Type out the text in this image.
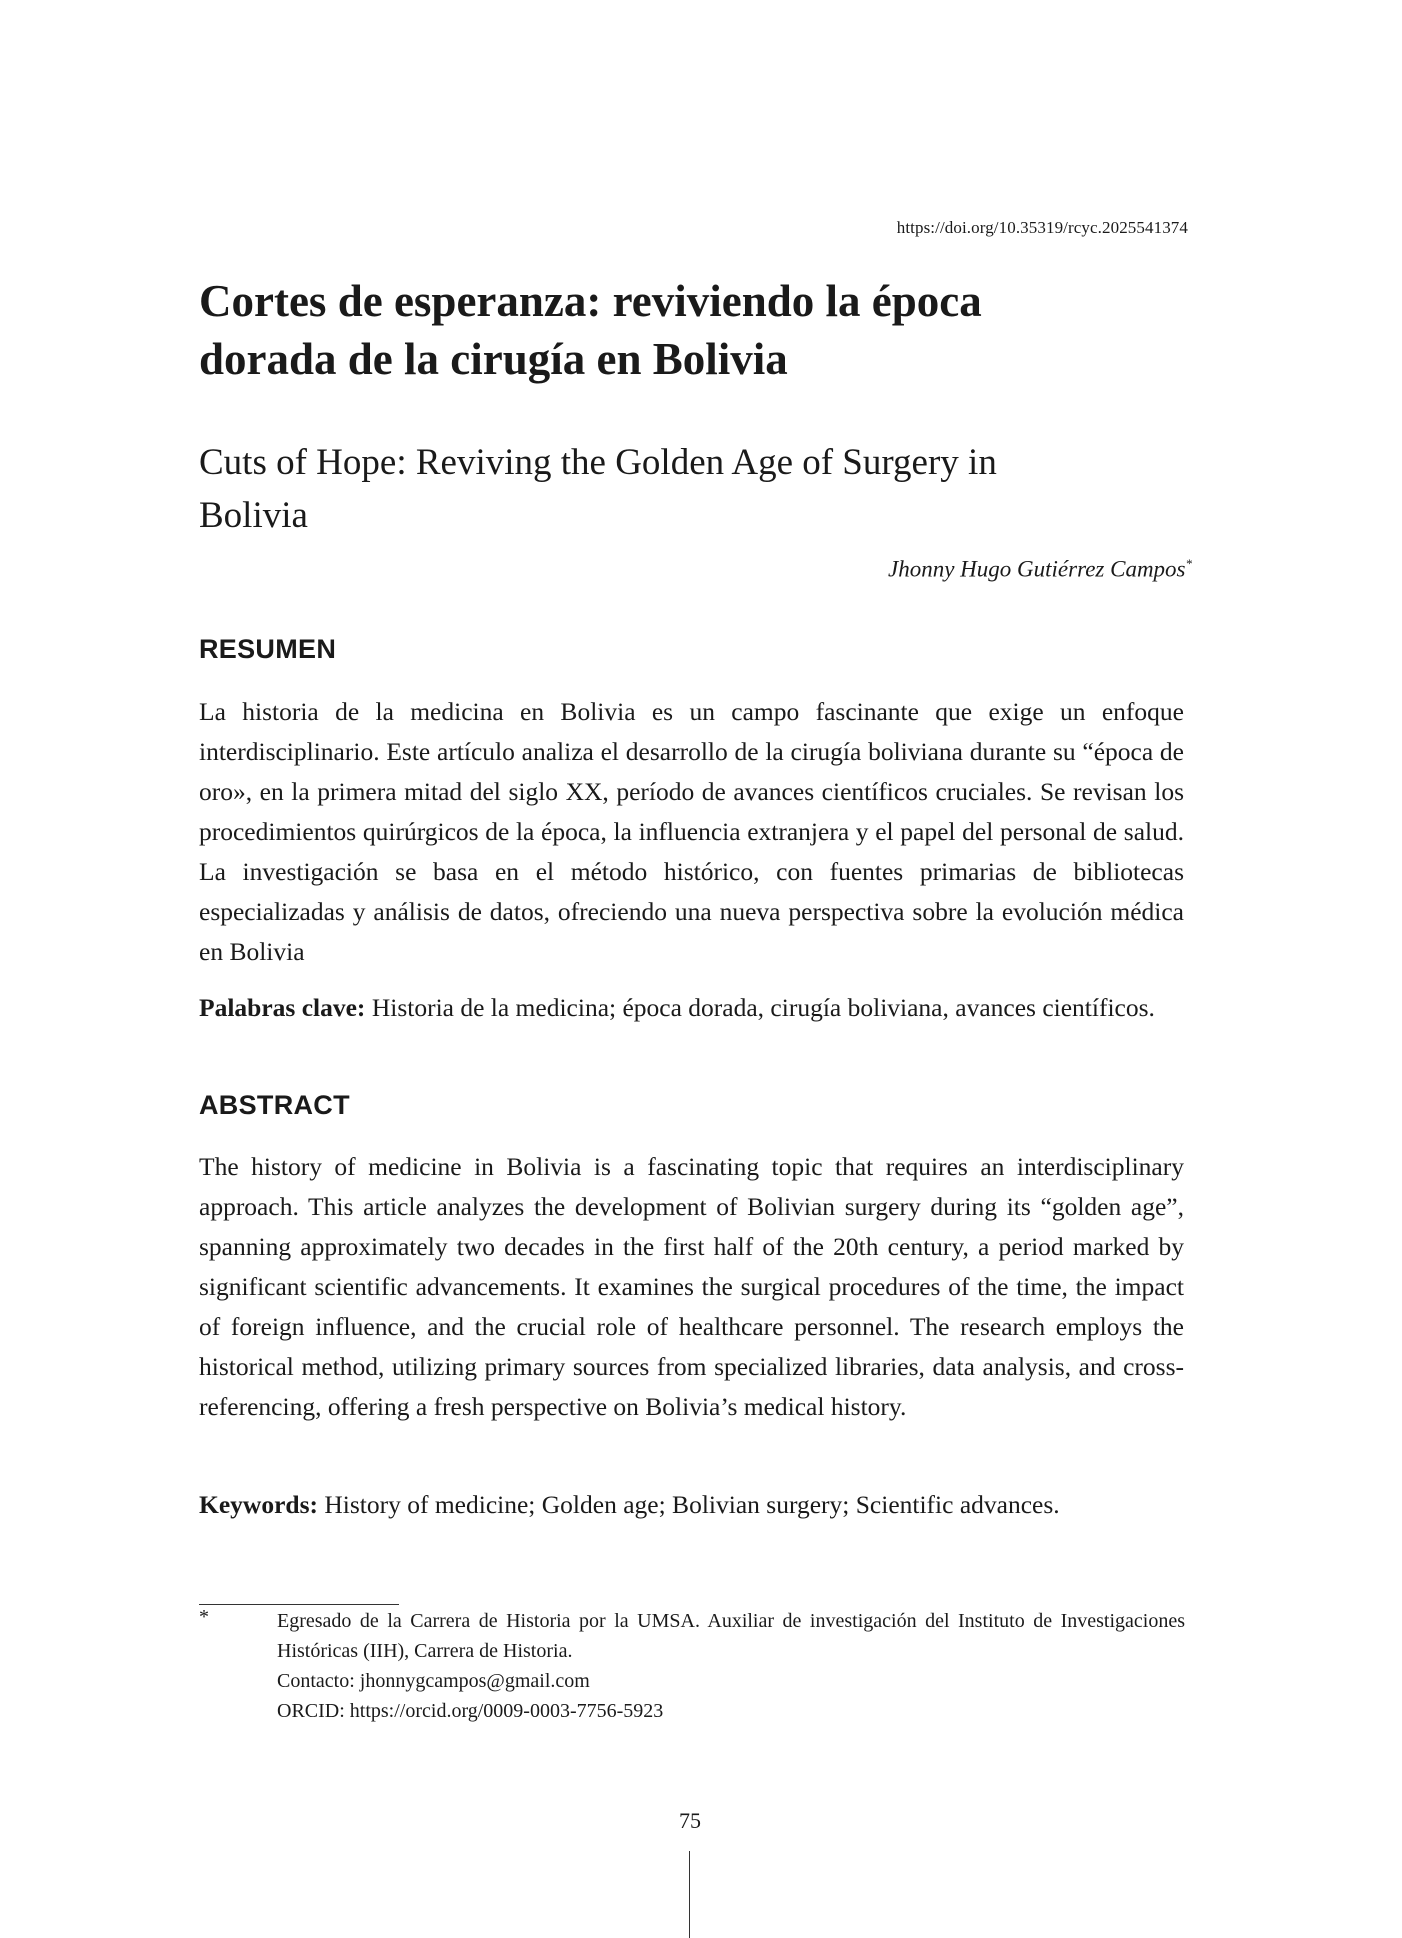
https://doi.org/10.35319/rcyc.2025541374
Cortes de esperanza: reviviendo la época dorada de la cirugía en Bolivia
Cuts of Hope: Reviving the Golden Age of Surgery in Bolivia
Jhonny Hugo Gutiérrez Campos*
RESUMEN

La historia de la medicina en Bolivia es un campo fascinante que exige un enfoque interdisciplinario. Este artículo analiza el desarrollo de la cirugía boliviana durante su “época de oro», en la primera mitad del siglo XX, período de avances científicos cruciales. Se revisan los procedimientos quirúrgicos de la época, la influencia extranjera y el papel del personal de salud. La investigación se basa en el método histórico, con fuentes primarias de bibliotecas especializadas y análisis de datos, ofreciendo una nueva perspectiva sobre la evolución médica en Bolivia

Palabras clave: Historia de la medicina; época dorada, cirugía boliviana, avances científicos.

ABSTRACT

The history of medicine in Bolivia is a fascinating topic that requires an interdisciplinary approach. This article analyzes the development of Bolivian surgery during its “golden age”, spanning approximately two decades in the first half of the 20th century, a period marked by significant scientific advancements. It examines the surgical procedures of the time, the impact of foreign influence, and the crucial role of healthcare personnel. The research employs the historical method, utilizing primary sources from specialized libraries, data analysis, and cross-referencing, offering a fresh perspective on Bolivia’s medical history.

Keywords: History of medicine; Golden age; Bolivian surgery; Scientific advances.

*	Egresado de la Carrera de Historia por la UMSA. Auxiliar de investigación del Instituto de Investigaciones Históricas (IIH), Carrera de Historia.
Contacto: jhonnygcampos@gmail.com
ORCID: https://orcid.org/0009-0003-7756-5923

75
